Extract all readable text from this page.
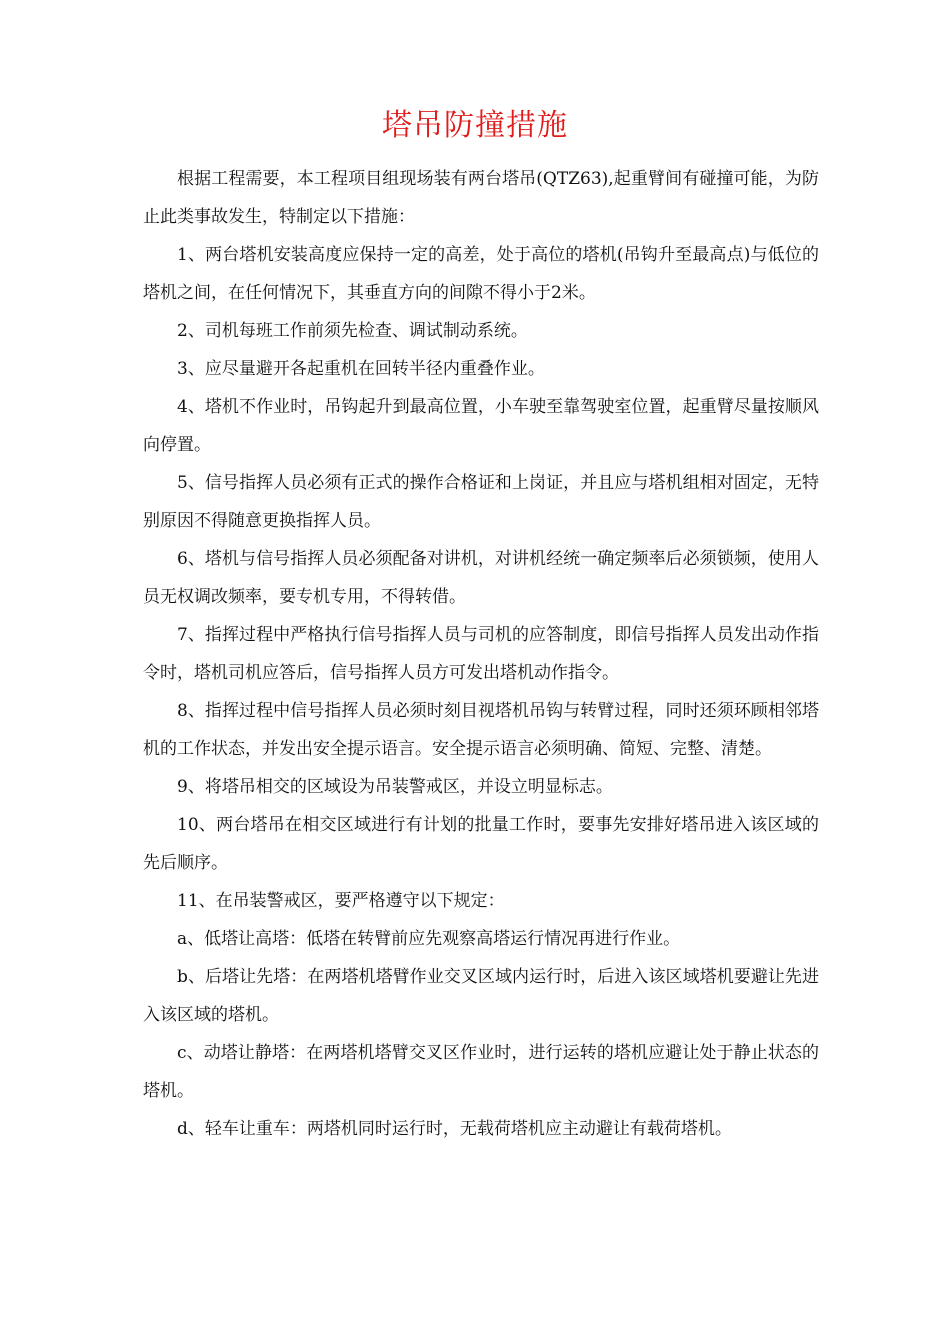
塔吊防撞措施

根据工程需要，本工程项目组现场装有两台塔吊(QTZ63),起重臂间有碰撞可能，为防止此类事故发生，特制定以下措施：

1、两台塔机安装高度应保持一定的高差，处于高位的塔机(吊钩升至最高点)与低位的塔机之间，在任何情况下，其垂直方向的间隙不得小于2米。

2、司机每班工作前须先检查、调试制动系统。

3、应尽量避开各起重机在回转半径内重叠作业。

4、塔机不作业时，吊钩起升到最高位置，小车驶至靠驾驶室位置，起重臂尽量按顺风向停置。

5、信号指挥人员必须有正式的操作合格证和上岗证，并且应与塔机组相对固定，无特别原因不得随意更换指挥人员。

6、塔机与信号指挥人员必须配备对讲机，对讲机经统一确定频率后必须锁频，使用人员无权调改频率，要专机专用，不得转借。

7、指挥过程中严格执行信号指挥人员与司机的应答制度，即信号指挥人员发出动作指令时，塔机司机应答后，信号指挥人员方可发出塔机动作指令。

8、指挥过程中信号指挥人员必须时刻目视塔机吊钩与转臂过程，同时还须环顾相邻塔机的工作状态，并发出安全提示语言。安全提示语言必须明确、简短、完整、清楚。

9、将塔吊相交的区域设为吊装警戒区，并设立明显标志。

10、两台塔吊在相交区域进行有计划的批量工作时，要事先安排好塔吊进入该区域的先后顺序。

11、在吊装警戒区，要严格遵守以下规定：

a、低塔让高塔：低塔在转臂前应先观察高塔运行情况再进行作业。

b、后塔让先塔：在两塔机塔臂作业交叉区域内运行时，后进入该区域塔机要避让先进入该区域的塔机。

c、动塔让静塔：在两塔机塔臂交叉区作业时，进行运转的塔机应避让处于静止状态的塔机。

d、轻车让重车：两塔机同时运行时，无载荷塔机应主动避让有载荷塔机。
